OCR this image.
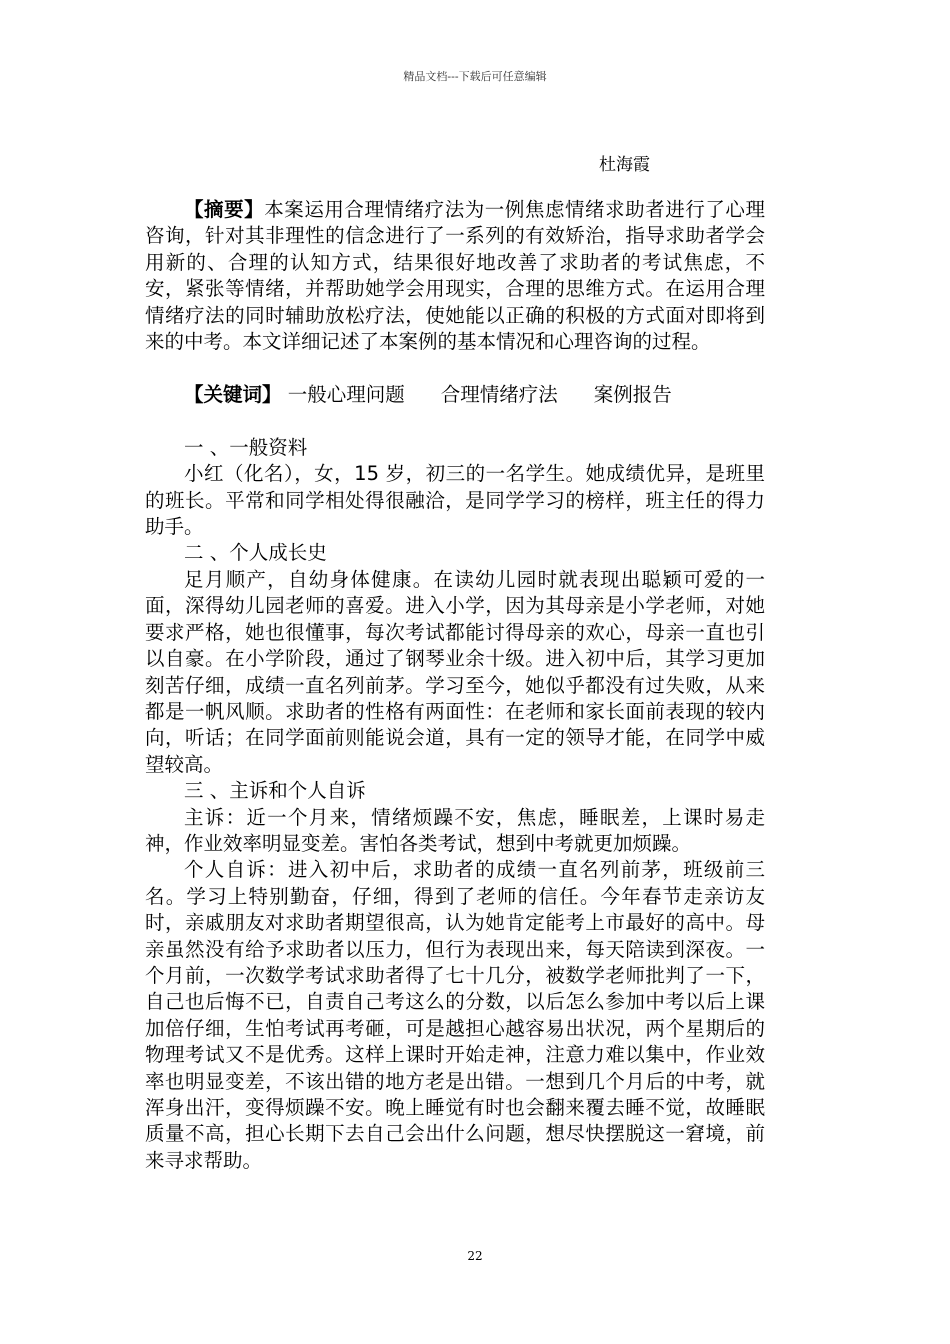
精品文档---下载后可任意编辑
杜海霞

【摘要】本案运用合理情绪疗法为一例焦虑情绪求助者进行了心理咨询，针对其非理性的信念进行了一系列的有效矫治，指导求助者学会用新的、合理的认知方式，结果很好地改善了求助者的考试焦虑，不安，紧张等情绪，并帮助她学会用现实，合理的思维方式。在运用合理情绪疗法的同时辅助放松疗法，使她能以正确的积极的方式面对即将到来的中考。本文详细记述了本案例的基本情况和心理咨询的过程。

【关键词】 一般心理问题 合理情绪疗法 案例报告

一 、一般资料

小红（化名），女，15 岁，初三的一名学生。她成绩优异，是班里的班长。平常和同学相处得很融洽，是同学学习的榜样，班主任的得力助手。

二 、个人成长史

足月顺产，自幼身体健康。在读幼儿园时就表现出聪颖可爱的一面，深得幼儿园老师的喜爱。进入小学，因为其母亲是小学老师，对她要求严格，她也很懂事，每次考试都能讨得母亲的欢心，母亲一直也引以自豪。在小学阶段，通过了钢琴业余十级。进入初中后，其学习更加刻苦仔细，成绩一直名列前茅。学习至今，她似乎都没有过失败，从来都是一帆风顺。求助者的性格有两面性：在老师和家长面前表现的较内向，听话；在同学面前则能说会道，具有一定的领导才能，在同学中威望较高。

三 、主诉和个人自诉

主诉：近一个月来，情绪烦躁不安，焦虑，睡眠差，上课时易走神，作业效率明显变差。害怕各类考试，想到中考就更加烦躁。

个人自诉：进入初中后，求助者的成绩一直名列前茅，班级前三名。学习上特别勤奋，仔细，得到了老师的信任。今年春节走亲访友时，亲戚朋友对求助者期望很高，认为她肯定能考上市最好的高中。母亲虽然没有给予求助者以压力，但行为表现出来，每天陪读到深夜。一个月前，一次数学考试求助者得了七十几分，被数学老师批判了一下，自己也后悔不已，自责自己考这么的分数，以后怎么参加中考以后上课加倍仔细，生怕考试再考砸，可是越担心越容易出状况，两个星期后的物理考试又不是优秀。这样上课时开始走神，注意力难以集中，作业效率也明显变差，不该出错的地方老是出错。一想到几个月后的中考，就浑身出汗，变得烦躁不安。晚上睡觉有时也会翻来覆去睡不觉，故睡眠质量不高，担心长期下去自己会出什么问题，想尽快摆脱这一窘境，前来寻求帮助。

22
